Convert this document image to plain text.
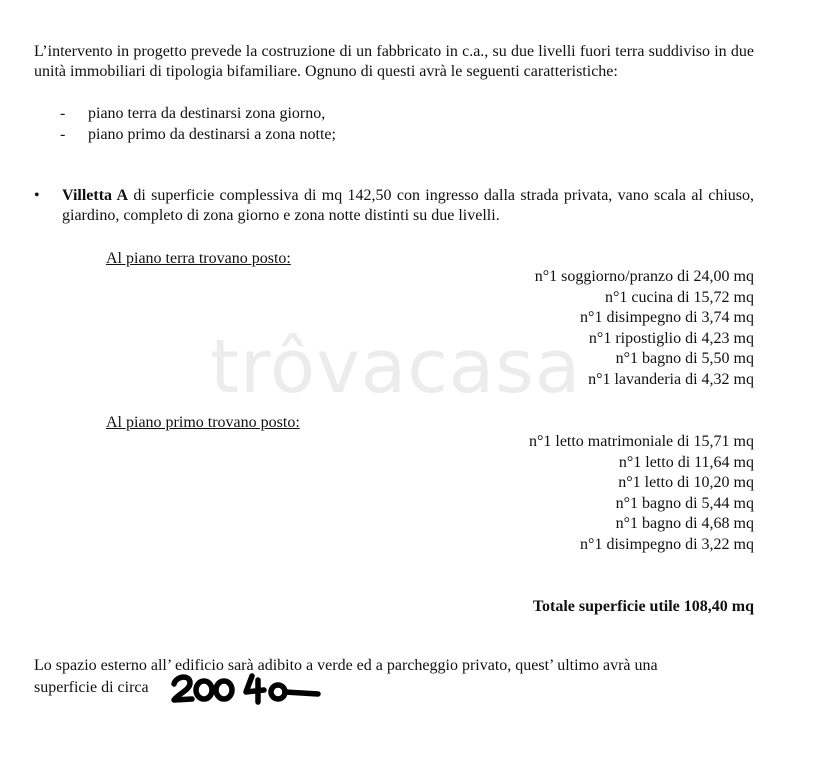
trôvacasa

L’intervento in progetto prevede la costruzione di un fabbricato in c.a., su due livelli fuori terra suddiviso in due unità immobiliari di tipologia bifamiliare. Ognuno di questi avrà le seguenti caratteristiche:

- piano terra da destinarsi zona giorno,
- piano primo da destinarsi a zona notte;
• Villetta A di superficie complessiva di mq 142,50 con ingresso dalla strada privata, vano scala al chiuso, giardino, completo di zona giorno e zona notte distinti su due livelli.
Al piano terra trovano posto:
n°1 soggiorno/pranzo di 24,00 mq
n°1 cucina di 15,72 mq
n°1 disimpegno di 3,74 mq
n°1 ripostiglio di 4,23 mq
n°1 bagno di 5,50 mq
n°1 lavanderia di 4,32 mq
Al piano primo trovano posto:
n°1 letto matrimoniale di 15,71 mq
n°1 letto di 11,64 mq
n°1 letto di 10,20 mq
n°1 bagno di 5,44 mq
n°1 bagno di 4,68 mq
n°1 disimpegno di 3,22 mq
Totale superficie utile 108,40 mq
Lo spazio esterno all’ edificio sarà adibito a verde ed a parcheggio privato, quest’ ultimo avrà una
superficie di circa
